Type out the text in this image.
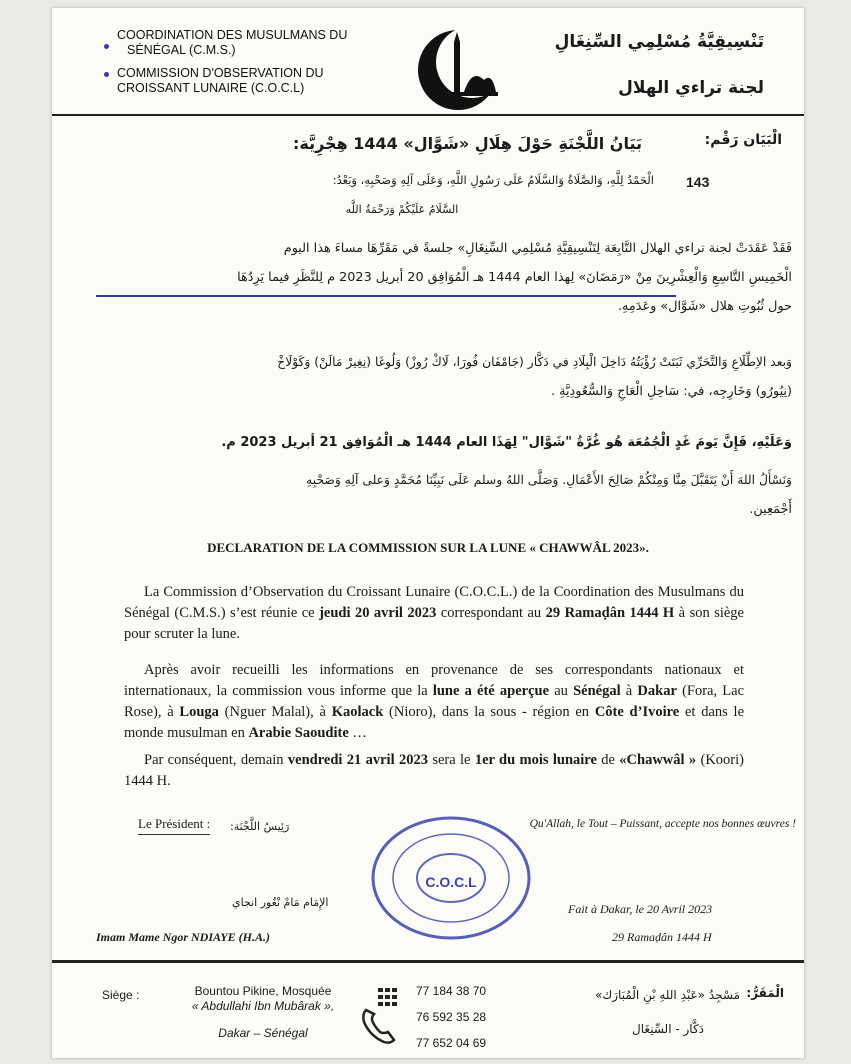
COORDINATION DES MUSULMANS DU
SÉNÉGAL (C.M.S.)
COMMISSION D'OBSERVATION DU
CROISSANT LUNAIRE (C.O.C.L)
تَنْسِيقِيَّةُ مُسْلِمِي السِّنِغَالِ
لجنة تراءي الهلال
الْبَيَان رَقْم:
143
بَيَانُ اللَّجْنَةِ حَوْلَ هِلَالِ «شَوَّال» 1444 هِجْرِيَّة:
الْحَمْدُ لِلَّهِ، وَالصَّلَاةُ وَالسَّلَامُ عَلَى رَسُولِ اللَّهِ، وَعَلَى آلِهِ وَصَحْبِهِ، وَبَعْدُ:
السَّلَامُ عَلَيْكُمْ وَرَحْمَةُ اللَّه
فَقَدْ عَقَدَتْ لجنة تراءي الهلال التَّابِعَة لِتَنْسِيقِيَّةِ مُسْلِمِي السِّنِغَالِ» جلسةً في مَقَرِّهَا مساءَ هذا اليوم
الْخَمِيسِ التَّاسِعِ وَالْعِشْرِينَ مِنْ «رَمَضَانَ» لِهذا العام 1444 هـ الْمُوَافِق 20 أبريل 2023 م لِلنَّظَرِ فيما يَرِدُهَا
حول ثُبُوتِ هلال «شَوَّال» وعَدَمِهِ.
وَبعد الاِطِّلَاعِ وَالتَّحَرِّي ثَبَتَتْ رُؤْيَتُهُ دَاخِلَ الْبِلَادِ في دَكَّار (جَامْفَان فُورَا، لَاكْ رُوزْ) وَلُوغَا (نِغِيرْ مَالَنْ) وَكَوْلَاخْ
(نِيُورُو) وَخَارِجِه، في: سَاحِلِ الْعَاجِ وَالسُّعُودِيَّةِ .
وَعَلَيْهِ، فَإِنَّ يَومَ غَدٍ الْجُمُعَة هُو غُرَّةُ "شَوَّال" لِهَذَا العام 1444 هـ الْمُوَافِق 21 أبريل 2023 م.
وَنَسْأَلُ اللهَ أَنْ يَتَقَبَّلَ مِنَّا وَمِنْكُمْ صَالِحَ الأَعْمَالِ. وَصَلَّى اللهُ وسلم عَلَى نَبِيِّنَا مُحَمَّدٍ وَعلى آلِهِ وَصَحْبِهِ
أَجْمَعِين.
DECLARATION DE LA COMMISSION SUR LA LUNE « CHAWWÂL 2023».
La Commission d’Observation du Croissant Lunaire (C.O.C.L.) de la Coordination des Musulmans du Sénégal (C.M.S.) s’est réunie ce jeudi 20 avril 2023 correspondant au 29 Ramaḍân 1444 H à son siège pour scruter la lune.
Après avoir recueilli les informations en provenance de ses correspondants nationaux et internationaux, la commission vous informe que la lune a été aperçue au Sénégal à Dakar (Fora, Lac Rose), à Louga (Nguer Malal), à Kaolack (Nioro), dans la sous - région en Côte d’Ivoire et dans le monde musulman en Arabie Saoudite …
Par conséquent, demain vendredi 21 avril 2023 sera le 1er du mois lunaire de «Chawwâl » (Koori) 1444 H.
Le Président : رَئِيسُ اللَّجْنَة:	Qu'Allah, le Tout – Puissant, accepte nos bonnes œuvres !
C.O.C.L
الإِمَام مَامْ نْغُور انجاي	Fait à Dakar, le 20 Avril 2023
Imam Mame Ngor NDIAYE (H.A.)	29 Ramaḍân 1444 H
Siège :	Bountou Pikine, Mosquée
« Abdullahi Ibn Mubârak »,
Dakar – Sénégal
77 184 38 70
76 592 35 28
77 652 04 69
الْمَقَرُّ:
مَسْجِدُ «عَبْدِ اللهِ بْنِ الْمُبَارَك»
دَكَّار - السِّنِغَال
